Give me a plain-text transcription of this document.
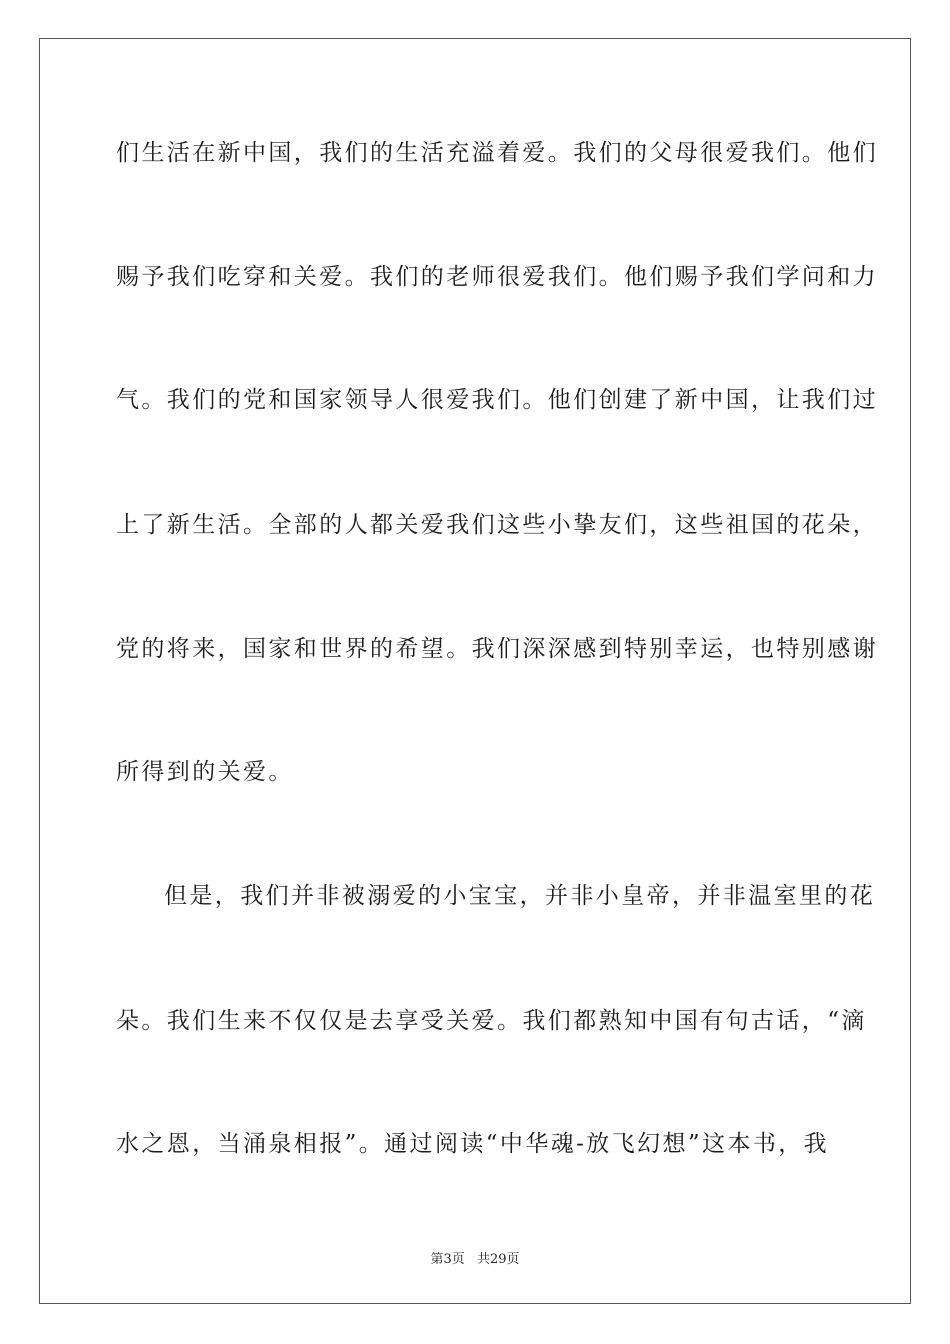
们生活在新中国，我们的生活充溢着爱。我们的父母很爱我们。他们
赐予我们吃穿和关爱。我们的老师很爱我们。他们赐予我们学问和力
气。我们的党和国家领导人很爱我们。他们创建了新中国，让我们过
上了新生活。全部的人都关爱我们这些小挚友们，这些祖国的花朵，
党的将来，国家和世界的希望。我们深深感到特别幸运，也特别感谢
所得到的关爱。
但是，我们并非被溺爱的小宝宝，并非小皇帝，并非温室里的花
朵。我们生来不仅仅是去享受关爱。我们都熟知中国有句古话，“滴
水之恩，当涌泉相报”。通过阅读“中华魂-放飞幻想”这本书，我
第3页 共29页
